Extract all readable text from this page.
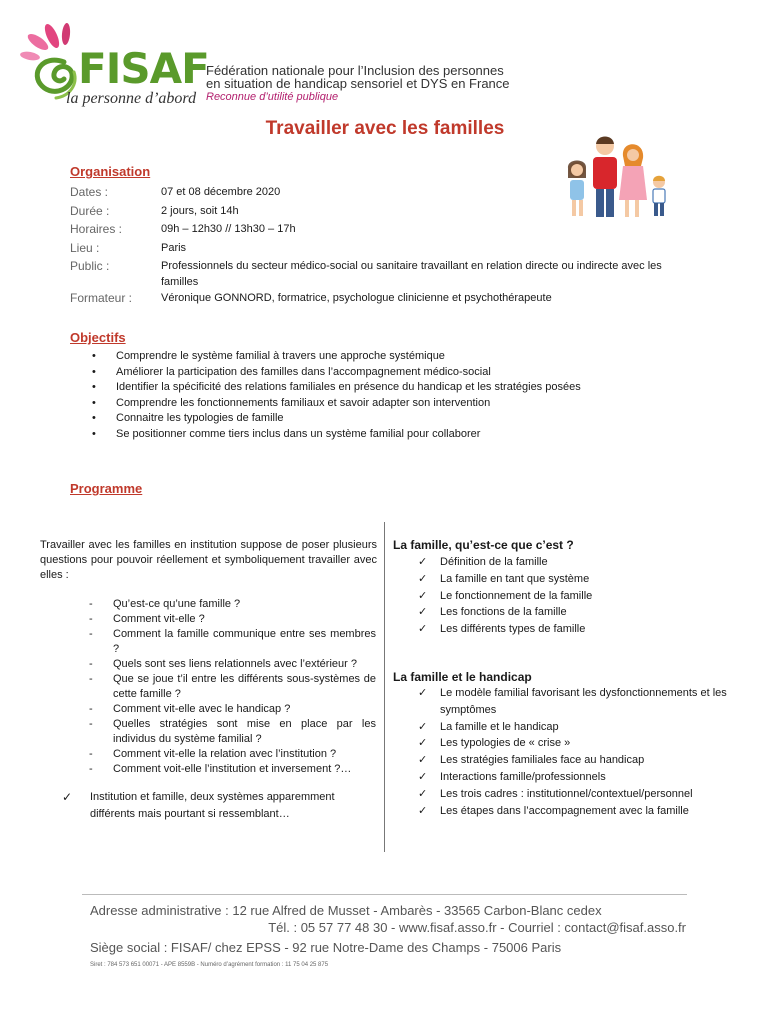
FISAF
la personne d’abord
Fédération nationale pour l’Inclusion des personnes
en situation de handicap sensoriel et DYS en France
Reconnue d’utilité publique
Travailler avec les familles
Organisation
Dates :	07 et 08 décembre 2020
Durée :	2 jours, soit 14h
Horaires :	09h – 12h30 // 13h30 – 17h
Lieu :	Paris
Public :	Professionnels du secteur médico-social ou sanitaire travaillant en relation directe ou indirecte avec les familles
Formateur :	Véronique GONNORD, formatrice, psychologue clinicienne et psychothérapeute
Objectifs
• Comprendre le système familial à travers une approche systémique
• Améliorer la participation des familles dans l’accompagnement médico-social
• Identifier la spécificité des relations familiales en présence du handicap et les stratégies posées
• Comprendre les fonctionnements familiaux et savoir adapter son intervention
• Connaitre les typologies de famille
• Se positionner comme tiers inclus dans un système familial pour collaborer
Programme
Travailler avec les familles en institution suppose de poser plusieurs questions pour pouvoir réellement et symboliquement travailler avec elles :
- Qu’est-ce qu’une famille ?
- Comment vit-elle ?
- Comment la famille communique entre ses membres ?
- Quels sont ses liens relationnels avec l’extérieur ?
- Que se joue t’il entre les différents sous-systèmes de cette famille ?
- Comment vit-elle avec le handicap ?
- Quelles stratégies sont mise en place par les individus du système familial ?
- Comment vit-elle la relation avec l’institution ?
- Comment voit-elle l’institution et inversement ?…
✓ Institution et famille, deux systèmes apparemment différents mais pourtant si ressemblant…
La famille, qu’est-ce que c’est ?
✓ Définition de la famille
✓ La famille en tant que système
✓ Le fonctionnement de la famille
✓ Les fonctions de la famille
✓ Les différents types de famille
La famille et le handicap
✓ Le modèle familial favorisant les dysfonctionnements et les symptômes
✓ La famille et le handicap
✓ Les typologies de « crise »
✓ Les stratégies familiales face au handicap
✓ Interactions famille/professionnels
✓ Les trois cadres : institutionnel/contextuel/personnel
✓ Les étapes dans l’accompagnement avec la famille
Adresse administrative : 12 rue Alfred de Musset - Ambarès - 33565 Carbon-Blanc cedex
Tél. : 05 57 77 48 30 - www.fisaf.asso.fr - Courriel : contact@fisaf.asso.fr
Siège social : FISAF/ chez EPSS - 92 rue Notre-Dame des Champs - 75006 Paris
Siret : 784 573 651 00071 - APE 8559B - Numéro d’agrément formation : 11 75 04 25 875
